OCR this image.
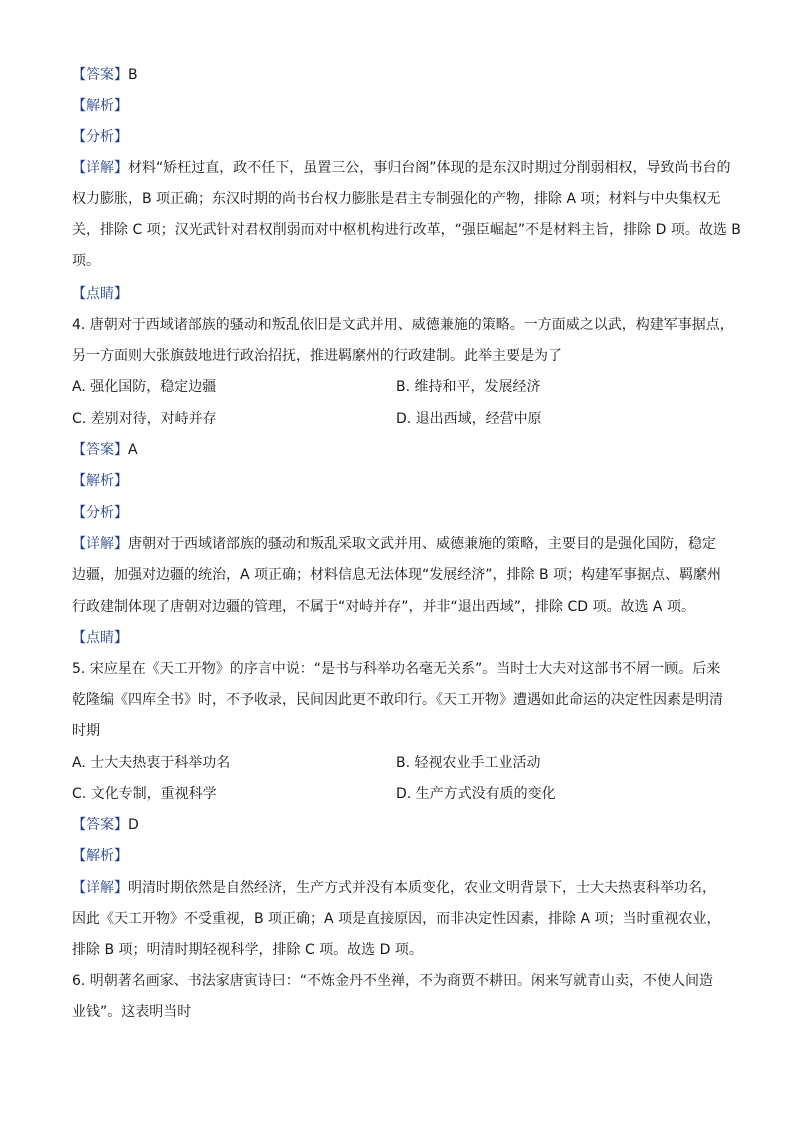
【答案】B
【解析】
【分析】
【详解】材料“矫枉过直，政不任下，虽置三公，事归台阁”体现的是东汉时期过分削弱相权，导致尚书台的
权力膨胀，B 项正确；东汉时期的尚书台权力膨胀是君主专制强化的产物，排除 A 项；材料与中央集权无
关，排除 C 项；汉光武针对君权削弱而对中枢机构进行改革，“强臣崛起”不是材料主旨，排除 D 项。故选 B
项。
【点睛】
4. 唐朝对于西域诸部族的骚动和叛乱依旧是文武并用、威德兼施的策略。一方面威之以武，构建军事据点，
另一方面则大张旗鼓地进行政治招抚，推进羁縻州的行政建制。此举主要是为了
A. 强化国防，稳定边疆	B. 维持和平，发展经济
C. 差别对待，对峙并存	D. 退出西域，经营中原
【答案】A
【解析】
【分析】
【详解】唐朝对于西域诸部族的骚动和叛乱采取文武并用、威德兼施的策略，主要目的是强化国防，稳定
边疆，加强对边疆的统治，A 项正确；材料信息无法体现“发展经济”，排除 B 项；构建军事据点、羁縻州
行政建制体现了唐朝对边疆的管理，不属于“对峙并存”，并非“退出西域”，排除 CD 项。故选 A 项。
【点睛】
5. 宋应星在《天工开物》的序言中说：“是书与科举功名毫无关系”。当时士大夫对这部书不屑一顾。后来
乾隆编《四库全书》时，不予收录，民间因此更不敢印行。《天工开物》遭遇如此命运的决定性因素是明清
时期
A. 士大夫热衷于科举功名	B. 轻视农业手工业活动
C. 文化专制，重视科学	D. 生产方式没有质的变化
【答案】D
【解析】
【详解】明清时期依然是自然经济，生产方式并没有本质变化，农业文明背景下，士大夫热衷科举功名，
因此《天工开物》不受重视，B 项正确；A 项是直接原因，而非决定性因素，排除 A 项；当时重视农业，
排除 B 项；明清时期轻视科学，排除 C 项。故选 D 项。
6. 明朝著名画家、书法家唐寅诗曰：“不炼金丹不坐禅，不为商贾不耕田。闲来写就青山卖，不使人间造
业钱”。这表明当时
